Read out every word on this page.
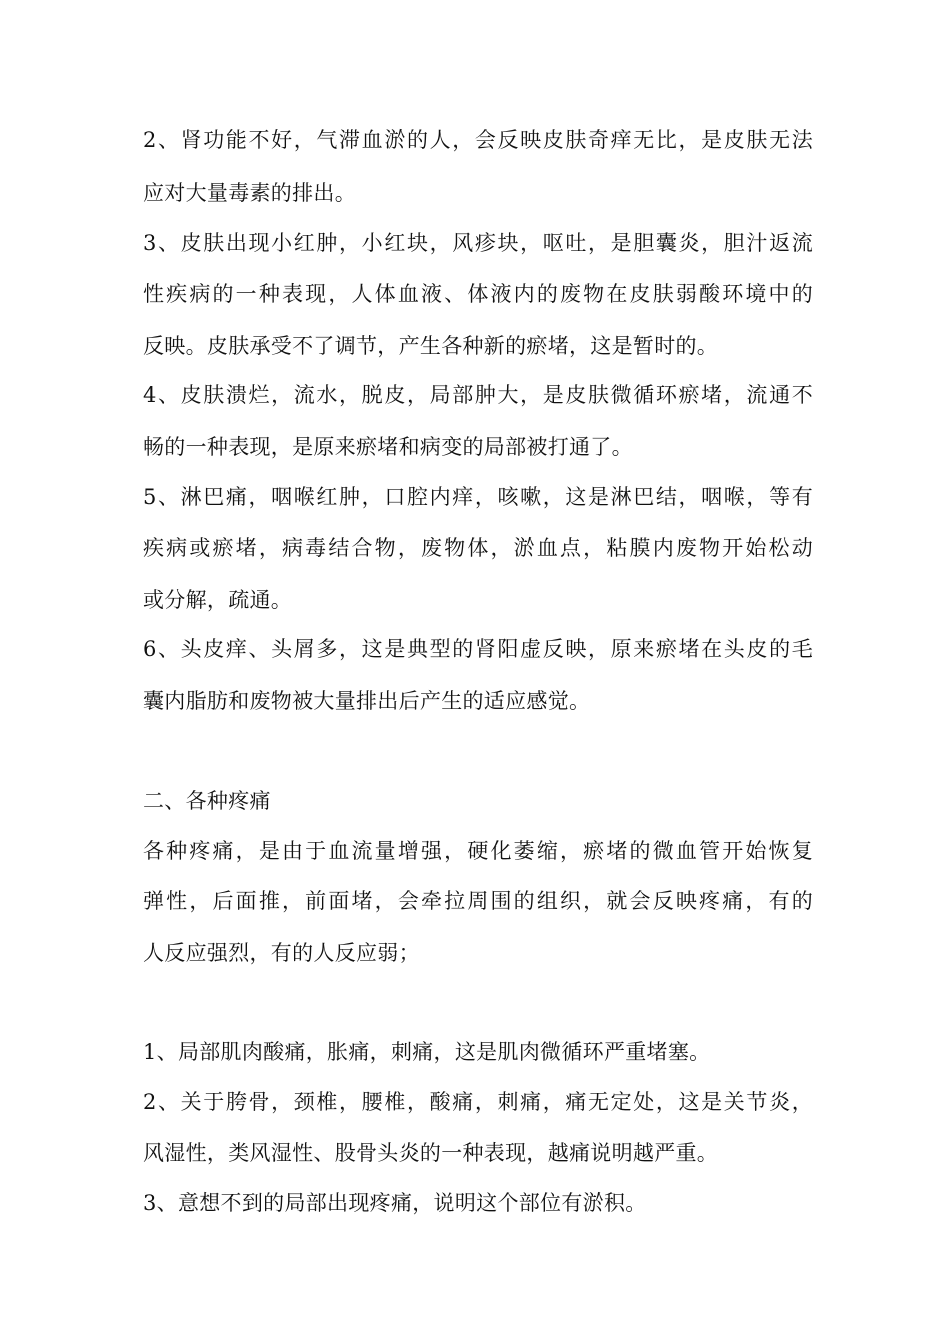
2、肾功能不好，气滞血淤的人，会反映皮肤奇痒无比，是皮肤无法

应对大量毒素的排出。

3、皮肤出现小红肿，小红块，风疹块，呕吐，是胆囊炎，胆汁返流

性疾病的一种表现，人体血液、体液内的废物在皮肤弱酸环境中的

反映。皮肤承受不了调节，产生各种新的瘀堵，这是暂时的。

4、皮肤溃烂，流水，脱皮，局部肿大，是皮肤微循环瘀堵，流通不

畅的一种表现，是原来瘀堵和病变的局部被打通了。

5、淋巴痛，咽喉红肿，口腔内痒，咳嗽，这是淋巴结，咽喉，等有

疾病或瘀堵，病毒结合物，废物体，淤血点，粘膜内废物开始松动

或分解，疏通。

6、头皮痒、头屑多，这是典型的肾阳虚反映，原来瘀堵在头皮的毛

囊内脂肪和废物被大量排出后产生的适应感觉。

二、各种疼痛

各种疼痛，是由于血流量增强，硬化萎缩，瘀堵的微血管开始恢复

弹性，后面推，前面堵，会牵拉周围的组织，就会反映疼痛，有的

人反应强烈，有的人反应弱；

1、局部肌肉酸痛，胀痛，刺痛，这是肌肉微循环严重堵塞。

2、关于胯骨，颈椎，腰椎，酸痛，刺痛，痛无定处，这是关节炎，

风湿性，类风湿性、股骨头炎的一种表现，越痛说明越严重。

3、意想不到的局部出现疼痛，说明这个部位有淤积。
